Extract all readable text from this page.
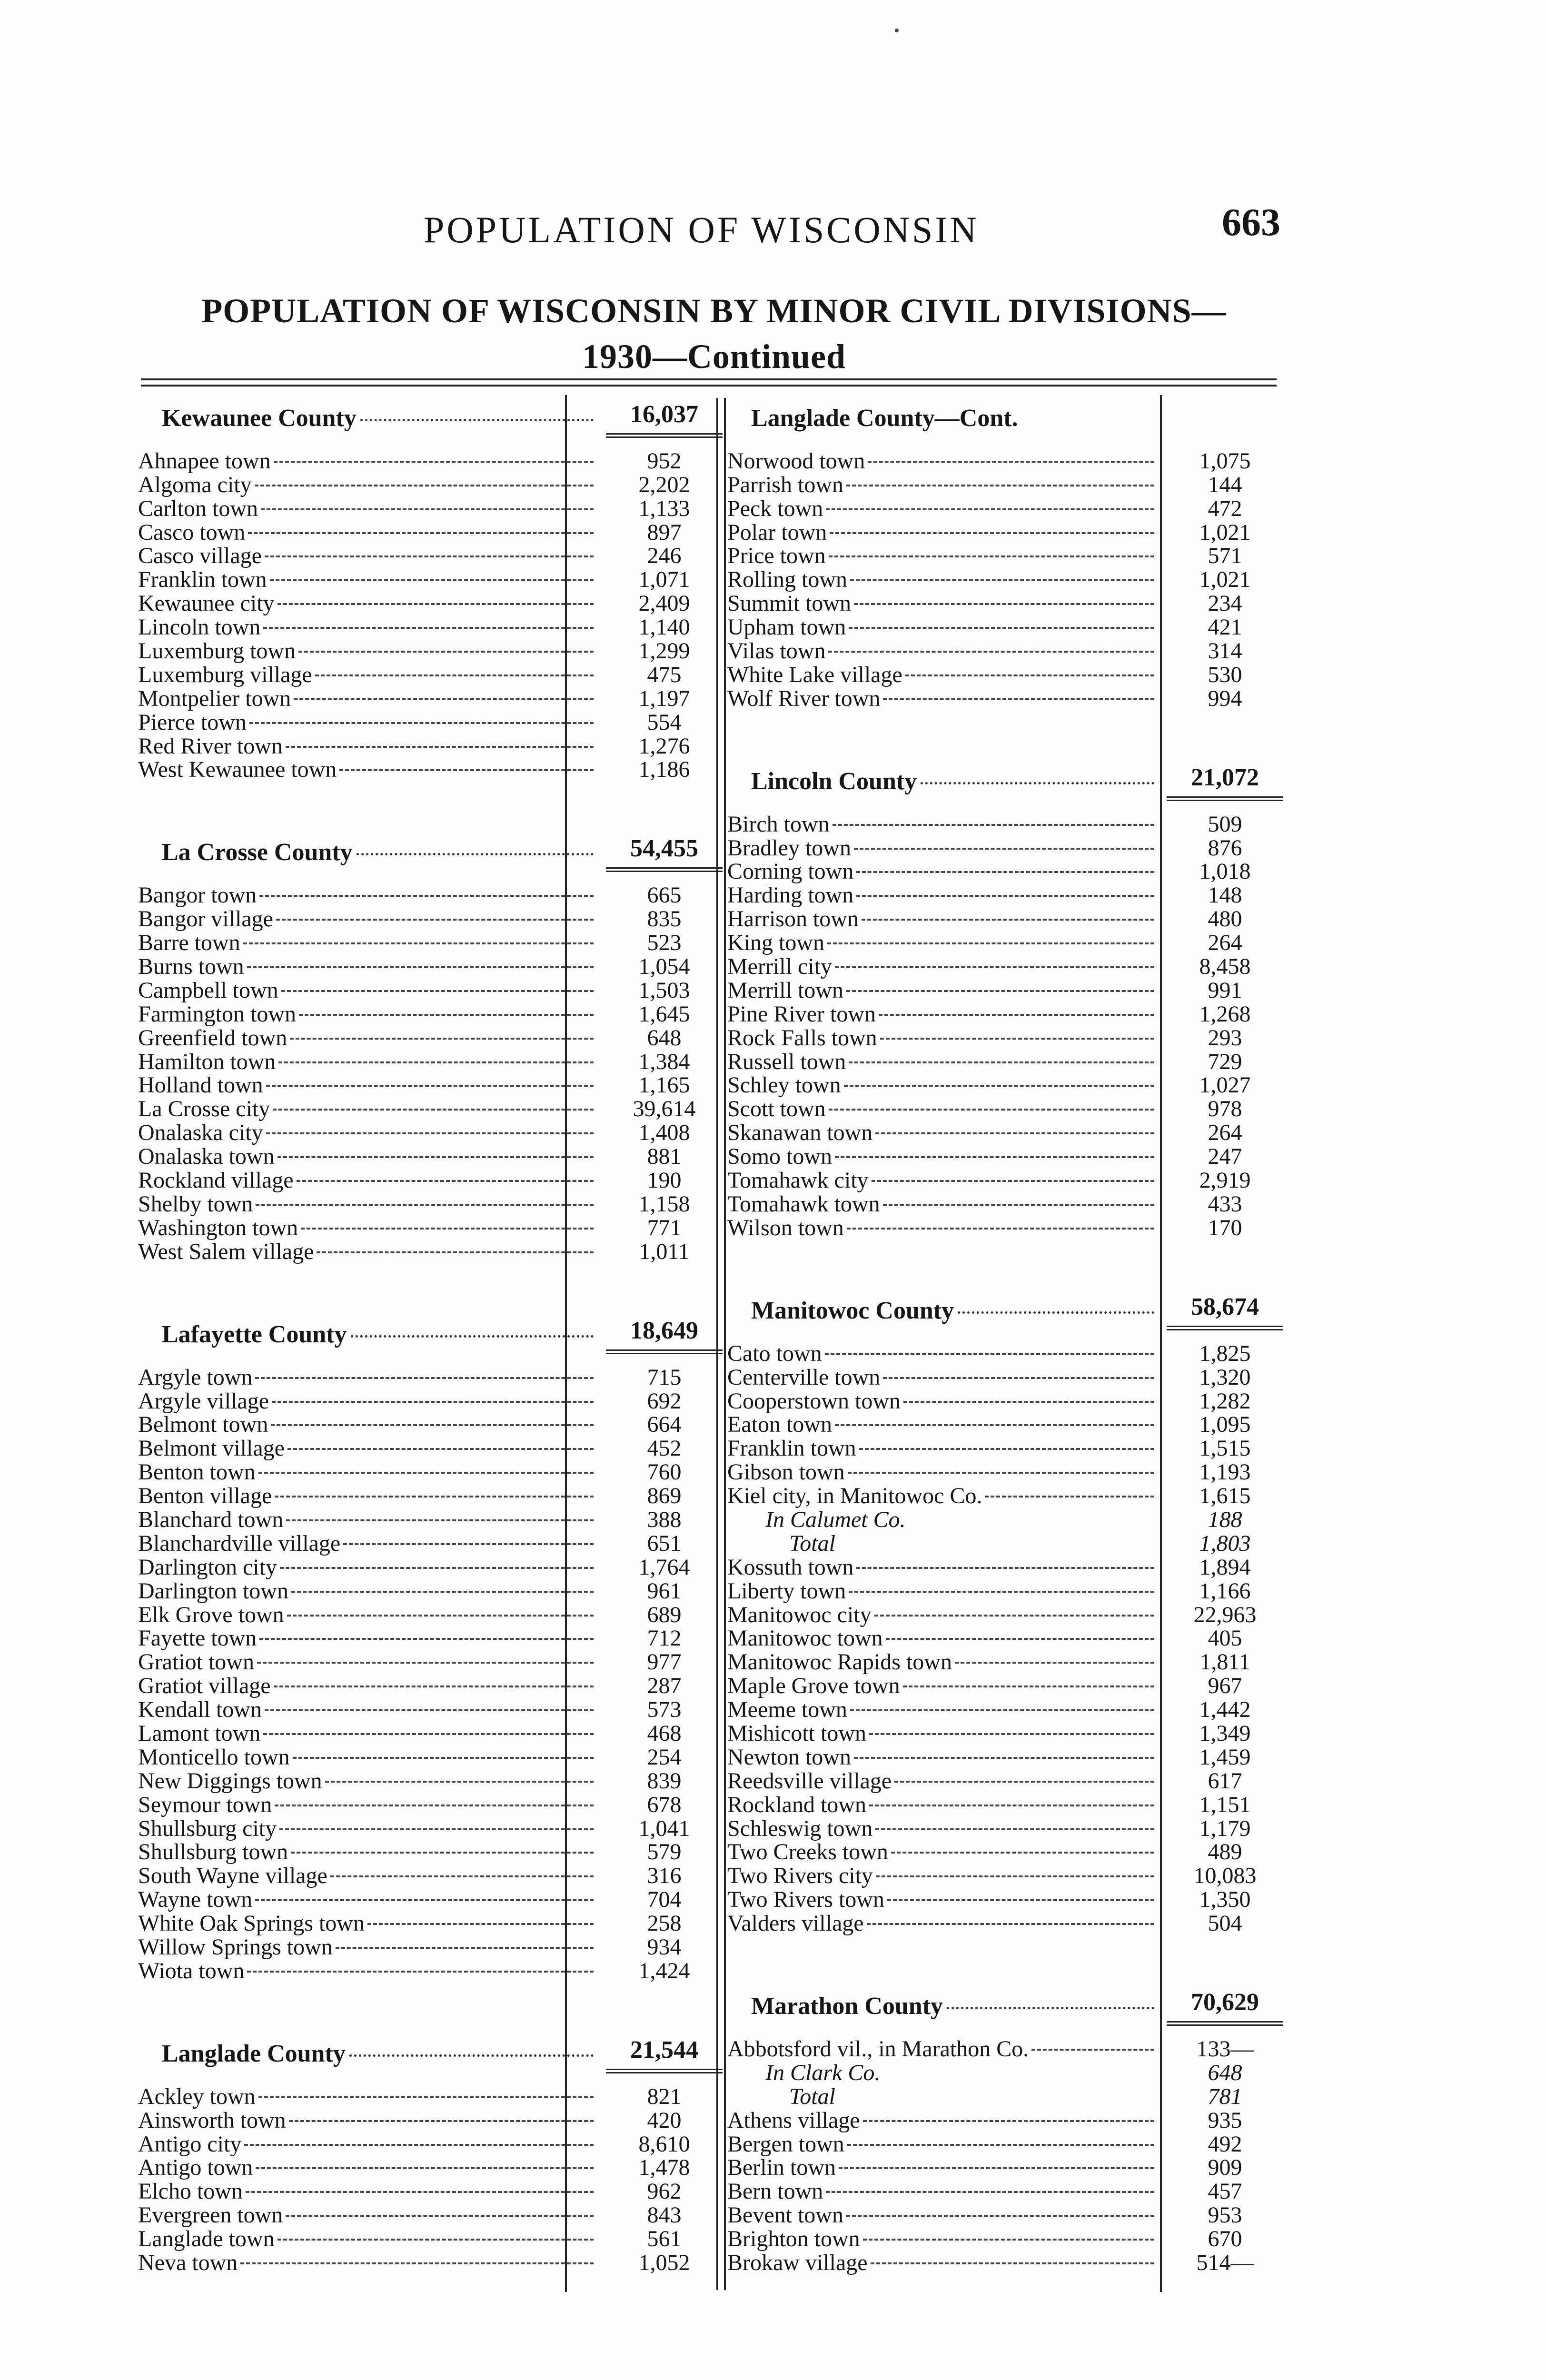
POPULATION OF WISCONSIN	663
POPULATION OF WISCONSIN BY MINOR CIVIL DIVISIONS—
1930—Continued
Kewaunee County	16,037
Ahnapee town	952
Algoma city	2,202
Carlton town	1,133
Casco town	897
Casco village	246
Franklin town	1,071
Kewaunee city	2,409
Lincoln town	1,140
Luxemburg town	1,299
Luxemburg village	475
Montpelier town	1,197
Pierce town	554
Red River town	1,276
West Kewaunee town	1,186
La Crosse County	54,455
Bangor town	665
Bangor village	835
Barre town	523
Burns town	1,054
Campbell town	1,503
Farmington town	1,645
Greenfield town	648
Hamilton town	1,384
Holland town	1,165
La Crosse city	39,614
Onalaska city	1,408
Onalaska town	881
Rockland village	190
Shelby town	1,158
Washington town	771
West Salem village	1,011
Lafayette County	18,649
Argyle town	715
Argyle village	692
Belmont town	664
Belmont village	452
Benton town	760
Benton village	869
Blanchard town	388
Blanchardville village	651
Darlington city	1,764
Darlington town	961
Elk Grove town	689
Fayette town	712
Gratiot town	977
Gratiot village	287
Kendall town	573
Lamont town	468
Monticello town	254
New Diggings town	839
Seymour town	678
Shullsburg city	1,041
Shullsburg town	579
South Wayne village	316
Wayne town	704
White Oak Springs town	258
Willow Springs town	934
Wiota town	1,424
Langlade County	21,544
Ackley town	821
Ainsworth town	420
Antigo city	8,610
Antigo town	1,478
Elcho town	962
Evergreen town	843
Langlade town	561
Neva town	1,052
Langlade County—Cont.
Norwood town	1,075
Parrish town	144
Peck town	472
Polar town	1,021
Price town	571
Rolling town	1,021
Summit town	234
Upham town	421
Vilas town	314
White Lake village	530
Wolf River town	994
Lincoln County	21,072
Birch town	509
Bradley town	876
Corning town	1,018
Harding town	148
Harrison town	480
King town	264
Merrill city	8,458
Merrill town	991
Pine River town	1,268
Rock Falls town	293
Russell town	729
Schley town	1,027
Scott town	978
Skanawan town	264
Somo town	247
Tomahawk city	2,919
Tomahawk town	433
Wilson town	170
Manitowoc County	58,674
Cato town	1,825
Centerville town	1,320
Cooperstown town	1,282
Eaton town	1,095
Franklin town	1,515
Gibson town	1,193
Kiel city, in Manitowoc Co.	1,615
In Calumet Co.	188
Total	1,803
Kossuth town	1,894
Liberty town	1,166
Manitowoc city	22,963
Manitowoc town	405
Manitowoc Rapids town	1,811
Maple Grove town	967
Meeme town	1,442
Mishicott town	1,349
Newton town	1,459
Reedsville village	617
Rockland town	1,151
Schleswig town	1,179
Two Creeks town	489
Two Rivers city	10,083
Two Rivers town	1,350
Valders village	504
Marathon County	70,629
Abbotsford vil., in Marathon Co.	133—
In Clark Co.	648
Total	781
Athens village	935
Bergen town	492
Berlin town	909
Bern town	457
Bevent town	953
Brighton town	670
Brokaw village	514—
